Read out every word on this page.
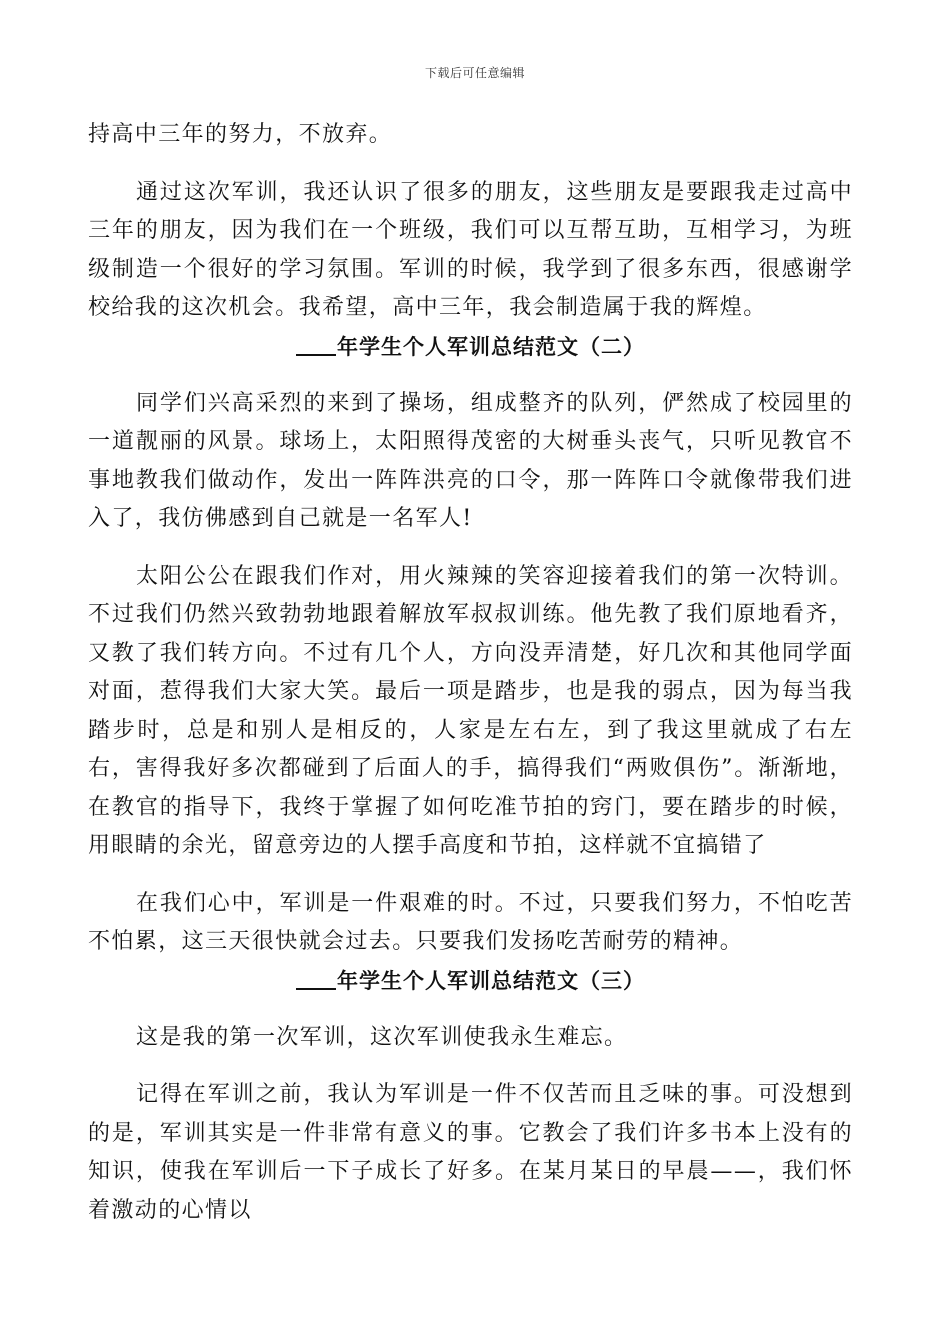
下载后可任意编辑

持高中三年的努力，不放弃。

通过这次军训，我还认识了很多的朋友，这些朋友是要跟我走过高中三年的朋友，因为我们在一个班级，我们可以互帮互助，互相学习，为班级制造一个很好的学习氛围。军训的时候，我学到了很多东西，很感谢学校给我的这次机会。我希望，高中三年，我会制造属于我的辉煌。

年学生个人军训总结范文（二）

同学们兴高采烈的来到了操场，组成整齐的队列，俨然成了校园里的一道靓丽的风景。球场上，太阳照得茂密的大树垂头丧气，只听见教官不事地教我们做动作，发出一阵阵洪亮的口令，那一阵阵口令就像带我们进入了，我仿佛感到自己就是一名军人!

太阳公公在跟我们作对，用火辣辣的笑容迎接着我们的第一次特训。不过我们仍然兴致勃勃地跟着解放军叔叔训练。他先教了我们原地看齐，又教了我们转方向。不过有几个人，方向没弄清楚，好几次和其他同学面对面，惹得我们大家大笑。最后一项是踏步，也是我的弱点，因为每当我踏步时，总是和别人是相反的，人家是左右左，到了我这里就成了右左右，害得我好多次都碰到了后面人的手，搞得我们“两败俱伤”。渐渐地，在教官的指导下，我终于掌握了如何吃准节拍的窍门，要在踏步的时候，用眼睛的余光，留意旁边的人摆手高度和节拍，这样就不宜搞错了

在我们心中，军训是一件艰难的时。不过，只要我们努力，不怕吃苦不怕累，这三天很快就会过去。只要我们发扬吃苦耐劳的精神。

年学生个人军训总结范文（三）

这是我的第一次军训，这次军训使我永生难忘。

记得在军训之前，我认为军训是一件不仅苦而且乏味的事。可没想到的是，军训其实是一件非常有意义的事。它教会了我们许多书本上没有的知识，使我在军训后一下子成长了好多。在某月某日的早晨——，我们怀着激动的心情以
